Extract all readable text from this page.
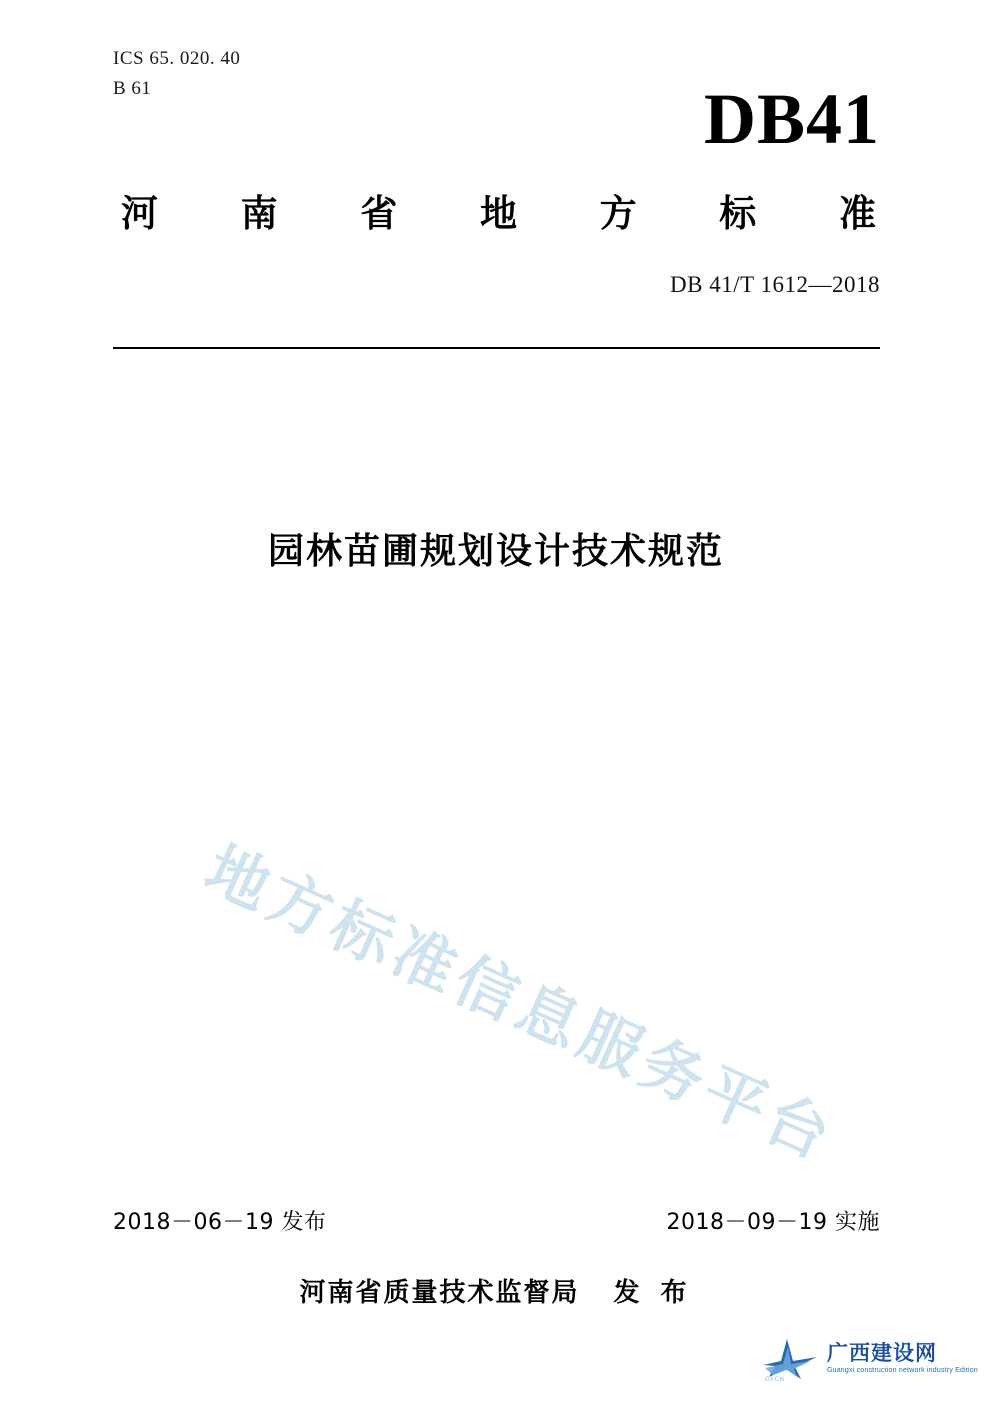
ICS 65. 020. 40
B 61	DB41
河 南 省 地 方 标 准
DB 41/T 1612—2018
园林苗圃规划设计技术规范
地方标准信息服务平台
2018－06－19 发布	2018－09－19 实施
河南省质量技术监督局 发 布
GXCN
广西建设网
Guangxi construction network industry Edition
